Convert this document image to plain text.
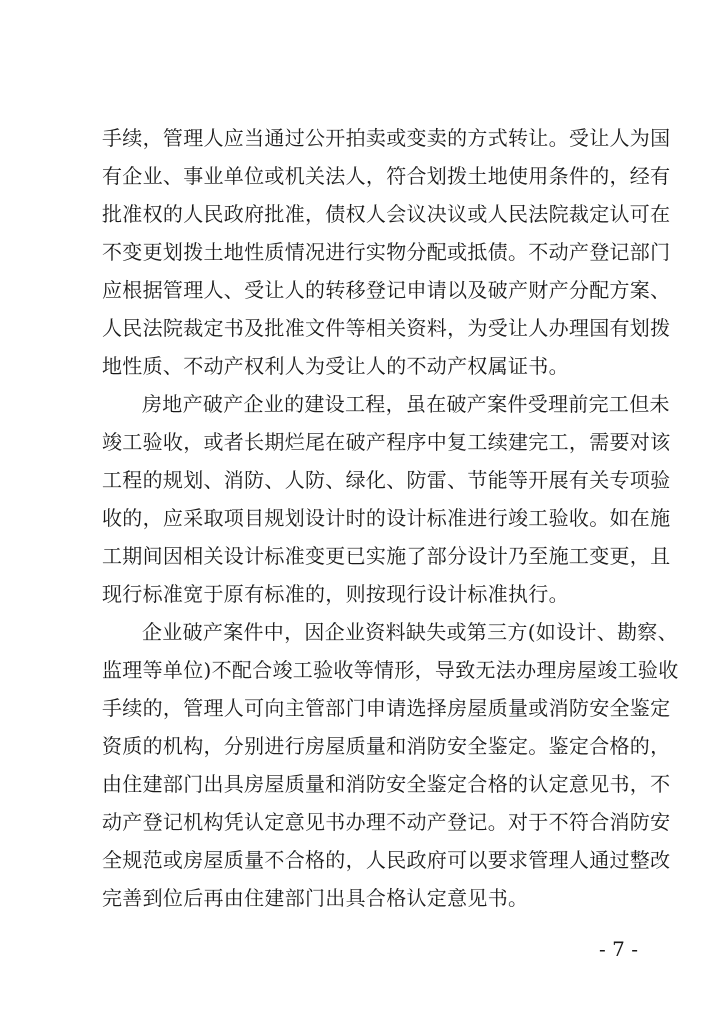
手续，管理人应当通过公开拍卖或变卖的方式转让。受让人为国
有企业、事业单位或机关法人，符合划拨土地使用条件的，经有
批准权的人民政府批准，债权人会议决议或人民法院裁定认可在
不变更划拨土地性质情况进行实物分配或抵债。不动产登记部门
应根据管理人、受让人的转移登记申请以及破产财产分配方案、
人民法院裁定书及批准文件等相关资料，为受让人办理国有划拨
地性质、不动产权利人为受让人的不动产权属证书。
房地产破产企业的建设工程，虽在破产案件受理前完工但未
竣工验收，或者长期烂尾在破产程序中复工续建完工，需要对该
工程的规划、消防、人防、绿化、防雷、节能等开展有关专项验
收的，应采取项目规划设计时的设计标准进行竣工验收。如在施
工期间因相关设计标准变更已实施了部分设计乃至施工变更，且
现行标准宽于原有标准的，则按现行设计标准执行。
企业破产案件中，因企业资料缺失或第三方(如设计、勘察、
监理等单位)不配合竣工验收等情形，导致无法办理房屋竣工验收
手续的，管理人可向主管部门申请选择房屋质量或消防安全鉴定
资质的机构，分别进行房屋质量和消防安全鉴定。鉴定合格的，
由住建部门出具房屋质量和消防安全鉴定合格的认定意见书，不
动产登记机构凭认定意见书办理不动产登记。对于不符合消防安
全规范或房屋质量不合格的，人民政府可以要求管理人通过整改
完善到位后再由住建部门出具合格认定意见书。
- 7 -
